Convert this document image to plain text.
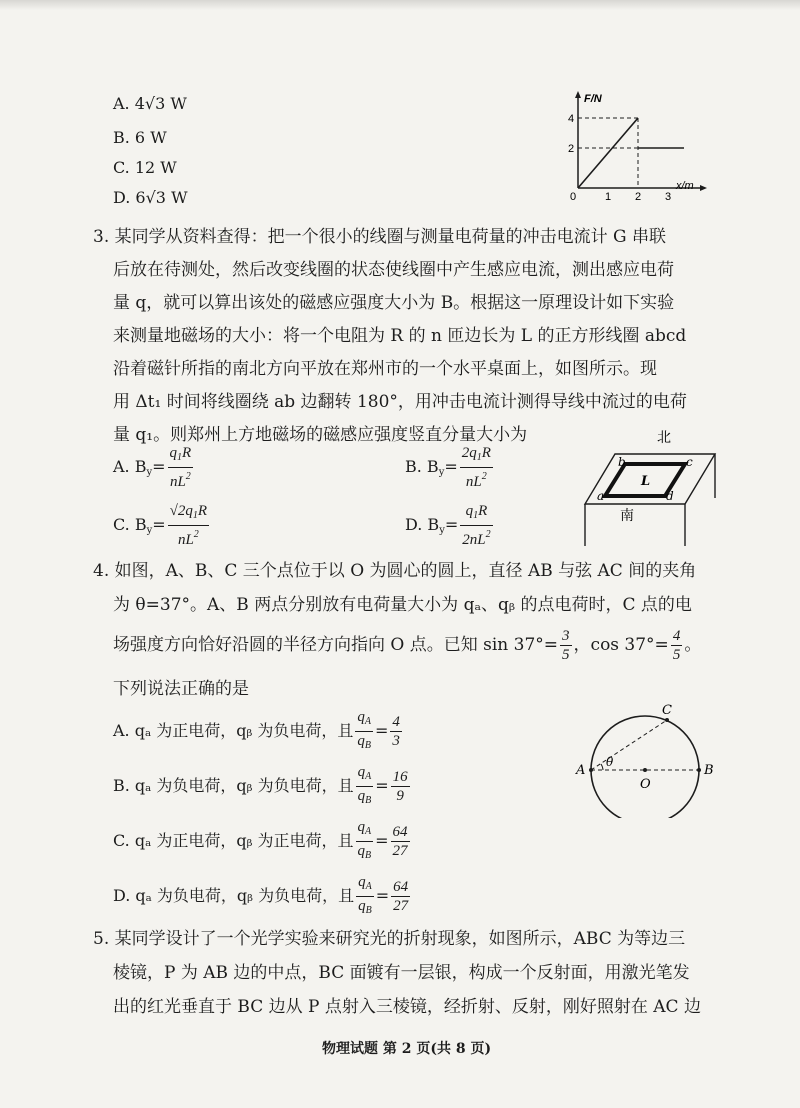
A. 4√3 W
B. 6 W
C. 12 W
D. 6√3 W
F/N
x/m
4
2
0	1 2 3
3. 某同学从资料查得：把一个很小的线圈与测量电荷量的冲击电流计 G 串联
后放在待测处，然后改变线圈的状态使线圈中产生感应电流，测出感应电荷
量 q，就可以算出该处的磁感应强度大小为 B。根据这一原理设计如下实验
来测量地磁场的大小：将一个电阻为 R 的 n 匝边长为 L 的正方形线圈 abcd
沿着磁针所指的南北方向平放在郑州市的一个水平桌面上，如图所示。现
用 Δt₁ 时间将线圈绕 ab 边翻转 180°，用冲击电流计测得导线中流过的电荷
量 q₁。则郑州上方地磁场的磁感应强度竖直分量大小为
A. $B_y= \frac{q_1R}{nL^2}$	B. $B_y= \frac{2q_1R}{nL^2}$
C. $B_y= \frac{√2q_1R}{nL^2}$	D. $B_y= \frac{q_1R}{2nL^2}$
北
南
a
b	c
d
L
4. 如图，A、B、C 三个点位于以 O 为圆心的圆上，直径 AB 与弦 AC 间的夹角
为 θ=37°。A、B 两点分别放有电荷量大小为 qₐ、qᵦ 的点电荷时，C 点的电
场强度方向恰好沿圆的半径方向指向 O 点。已知 $\sin 37^\circ= \frac{3}{5}$ ，$\cos 37^\circ= \frac{4}{5}$ 。
下列说法正确的是
A. qₐ 为正电荷，qᵦ 为负电荷，且 $\frac{q_A}{q_B} = \frac{4}{3}$
B. qₐ 为负电荷，qᵦ 为负电荷，且 $\frac{q_A}{q_B} = \frac{16}{9}$
C. qₐ 为正电荷，qᵦ 为正电荷，且 $\frac{q_A}{q_B} = \frac{64}{27}$
D. qₐ 为负电荷，qᵦ 为负电荷，且 $\frac{q_A}{q_B} = \frac{64}{27}$
A	B
C
O
θ
5. 某同学设计了一个光学实验来研究光的折射现象，如图所示，ABC 为等边三
棱镜，P 为 AB 边的中点，BC 面镀有一层银，构成一个反射面，用激光笔发
出的红光垂直于 BC 边从 P 点射入三棱镜，经折射、反射，刚好照射在 AC 边
物理试题 第 2 页(共 8 页)
